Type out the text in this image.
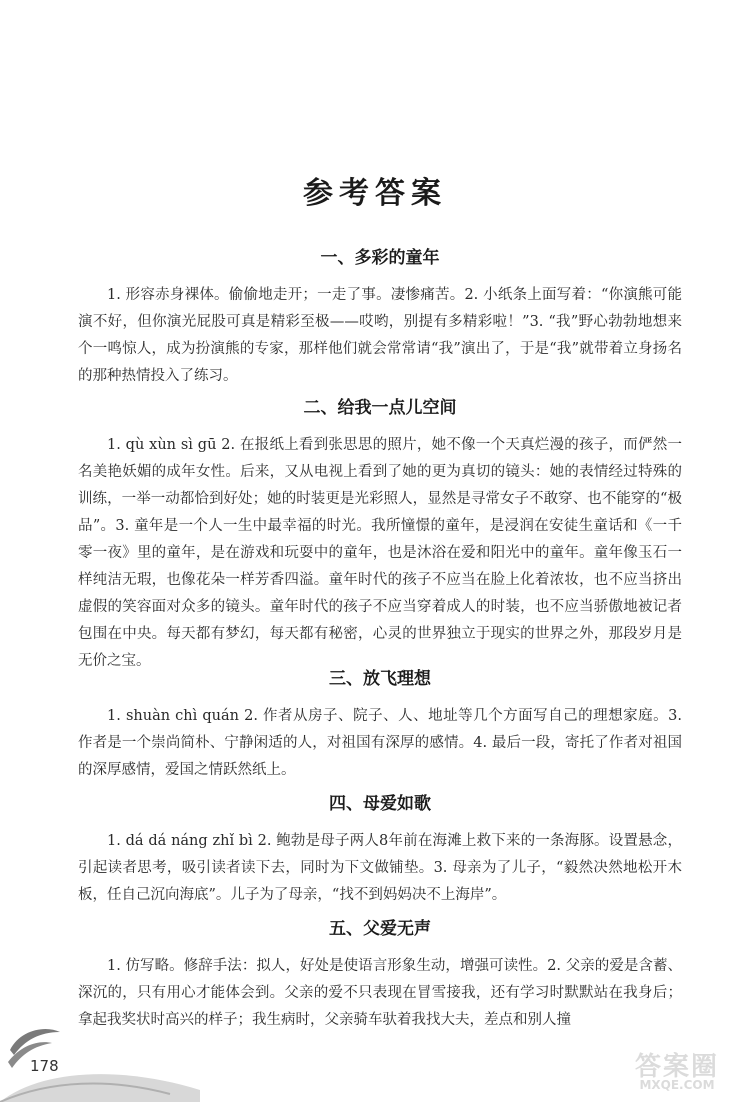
参考答案
一、多彩的童年

1. 形容赤身裸体。偷偷地走开；一走了事。凄惨痛苦。2. 小纸条上面写着：“你演熊可能演不好，但你演光屁股可真是精彩至极——哎哟，别提有多精彩啦！”3. “我”野心勃勃地想来个一鸣惊人，成为扮演熊的专家，那样他们就会常常请“我”演出了，于是“我”就带着立身扬名的那种热情投入了练习。

二、给我一点儿空间

1. qù xùn sì gū 2. 在报纸上看到张思思的照片，她不像一个天真烂漫的孩子，而俨然一名美艳妖媚的成年女性。后来，又从电视上看到了她的更为真切的镜头：她的表情经过特殊的训练，一举一动都恰到好处；她的时装更是光彩照人，显然是寻常女子不敢穿、也不能穿的“极品”。3. 童年是一个人一生中最幸福的时光。我所憧憬的童年，是浸润在安徒生童话和《一千零一夜》里的童年，是在游戏和玩耍中的童年，也是沐浴在爱和阳光中的童年。童年像玉石一样纯洁无瑕，也像花朵一样芳香四溢。童年时代的孩子不应当在脸上化着浓妆，也不应当挤出虚假的笑容面对众多的镜头。童年时代的孩子不应当穿着成人的时装，也不应当骄傲地被记者包围在中央。每天都有梦幻，每天都有秘密，心灵的世界独立于现实的世界之外，那段岁月是无价之宝。

三、放飞理想

1. shuàn chì quán 2. 作者从房子、院子、人、地址等几个方面写自己的理想家庭。3. 作者是一个崇尚简朴、宁静闲适的人，对祖国有深厚的感情。4. 最后一段，寄托了作者对祖国的深厚感情，爱国之情跃然纸上。

四、母爱如歌

1. dá dá náng zhǐ bì 2. 鲍勃是母子两人8年前在海滩上救下来的一条海豚。设置悬念，引起读者思考，吸引读者读下去，同时为下文做铺垫。3. 母亲为了儿子，“毅然决然地松开木板，任自己沉向海底”。儿子为了母亲，“找不到妈妈决不上海岸”。

五、父爱无声

1. 仿写略。修辞手法：拟人，好处是使语言形象生动，增强可读性。2. 父亲的爱是含蓄、深沉的，只有用心才能体会到。父亲的爱不只表现在冒雪接我，还有学习时默默站在我身后；拿起我奖状时高兴的样子；我生病时，父亲骑车驮着我找大夫，差点和别人撞

178	答案圈
MXQE.COM
